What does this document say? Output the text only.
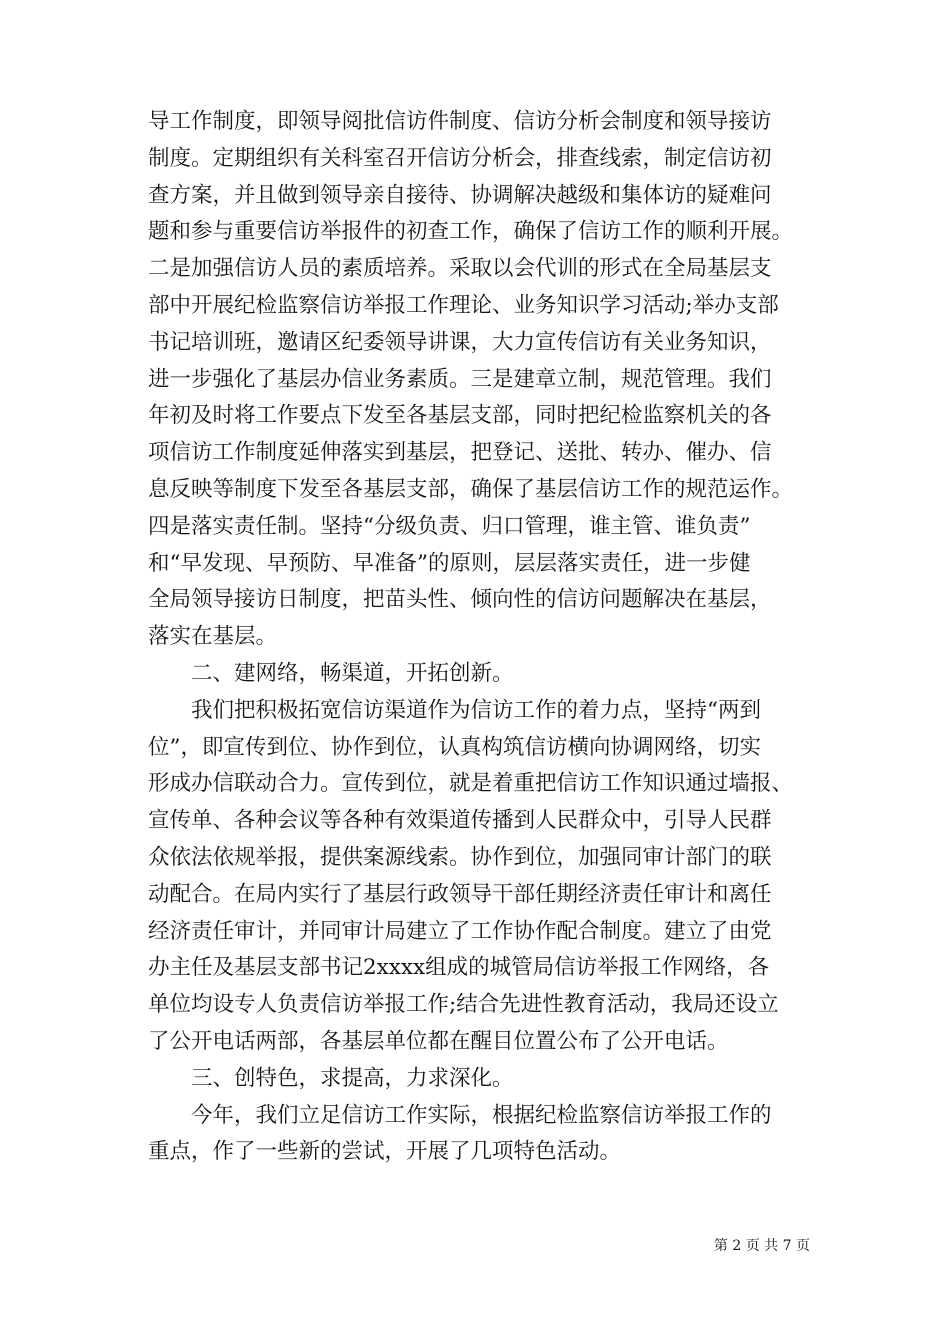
导工作制度，即领导阅批信访件制度、信访分析会制度和领导接访
制度。定期组织有关科室召开信访分析会，排查线索，制定信访初
查方案，并且做到领导亲自接待、协调解决越级和集体访的疑难问
题和参与重要信访举报件的初查工作，确保了信访工作的顺利开展。
二是加强信访人员的素质培养。采取以会代训的形式在全局基层支
部中开展纪检监察信访举报工作理论、业务知识学习活动;举办支部
书记培训班，邀请区纪委领导讲课，大力宣传信访有关业务知识，
进一步强化了基层办信业务素质。三是建章立制，规范管理。我们
年初及时将工作要点下发至各基层支部，同时把纪检监察机关的各
项信访工作制度延伸落实到基层，把登记、送批、转办、催办、信
息反映等制度下发至各基层支部，确保了基层信访工作的规范运作。
四是落实责任制。坚持“分级负责、归口管理，谁主管、谁负责”
和“早发现、早预防、早准备”的原则，层层落实责任，进一步健
全局领导接访日制度，把苗头性、倾向性的信访问题解决在基层，
落实在基层。
　　二、建网络，畅渠道，开拓创新。
　　我们把积极拓宽信访渠道作为信访工作的着力点，坚持“两到
位”，即宣传到位、协作到位，认真构筑信访横向协调网络，切实
形成办信联动合力。宣传到位，就是着重把信访工作知识通过墙报、
宣传单、各种会议等各种有效渠道传播到人民群众中，引导人民群
众依法依规举报，提供案源线索。协作到位，加强同审计部门的联
动配合。在局内实行了基层行政领导干部任期经济责任审计和离任
经济责任审计，并同审计局建立了工作协作配合制度。建立了由党
办主任及基层支部书记2xxxx组成的城管局信访举报工作网络，各
单位均设专人负责信访举报工作;结合先进性教育活动，我局还设立
了公开电话两部，各基层单位都在醒目位置公布了公开电话。
　　三、创特色，求提高，力求深化。
　　今年，我们立足信访工作实际，根据纪检监察信访举报工作的
重点，作了一些新的尝试，开展了几项特色活动。
第 2 页 共 7 页
